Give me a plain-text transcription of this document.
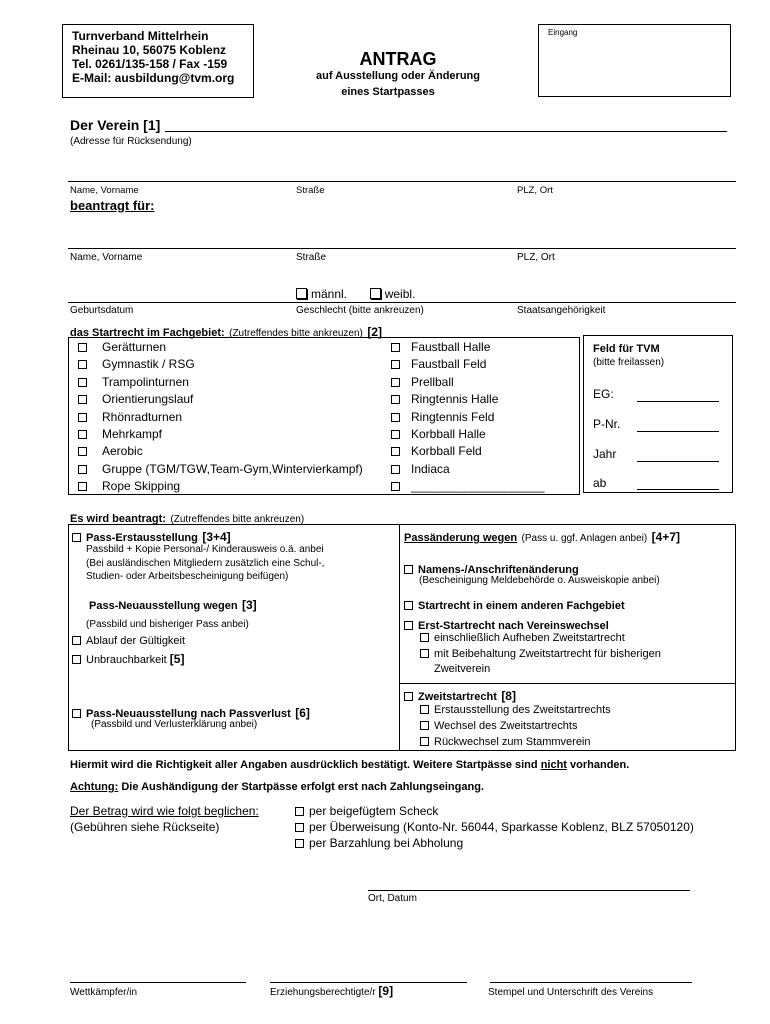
Turnverband Mittelrhein
Rheinau 10, 56075 Koblenz
Tel. 0261/135-158 / Fax -159
E-Mail: ausbildung@tvm.org
ANTRAG
auf Ausstellung oder Änderung
eines Startpasses
Eingang
Der Verein [1]
(Adresse für Rücksendung)
Name, Vorname	Straße	PLZ, Ort
beantragt für:
Name, Vorname	Straße	PLZ, Ort
männl.	weibl.
Geburtsdatum	Geschlecht (bitte ankreuzen)	Staatsangehörigkeit
das Startrecht im Fachgebiet: (Zutreffendes bitte ankreuzen) [2]
Gerätturnen
Gymnastik / RSG
Trampolinturnen
Orientierungslauf
Rhönradturnen
Mehrkampf
Aerobic
Gruppe (TGM/TGW,Team-Gym,Wintervierkampf)
Rope Skipping
Faustball Halle
Faustball Feld
Prellball
Ringtennis Halle
Ringtennis Feld
Korbball Halle
Korbball Feld
Indiaca
____________________
Feld für TVM
(bitte freilassen)
EG:
P-Nr.
Jahr
ab
Es wird beantragt: (Zutreffendes bitte ankreuzen)
Pass-Erstausstellung [3+4]
Passbild + Kopie Personal-/ Kinderausweis o.ä. anbei
(Bei ausländischen Mitgliedern zusätzlich eine Schul-,
Studien- oder Arbeitsbescheinigung beifügen)
Pass-Neuausstellung wegen [3]
(Passbild und bisheriger Pass anbei)
Ablauf der Gültigkeit
Unbrauchbarkeit [5]
Pass-Neuausstellung nach Passverlust [6]
(Passbild und Verlusterklärung anbei)
Passänderung wegen (Pass u. ggf. Anlagen anbei) [4+7]
Namens-/Anschriftenänderung
(Bescheinigung Meldebehörde o. Ausweiskopie anbei)
Startrecht in einem anderen Fachgebiet
Erst-Startrecht nach Vereinswechsel
einschließlich Aufheben Zweitstartrecht
mit Beibehaltung Zweitstartrecht für bisherigen
Zweitverein
Zweitstartrecht [8]
Erstausstellung des Zweitstartrechts
Wechsel des Zweitstartrechts
Rückwechsel zum Stammverein
Hiermit wird die Richtigkeit aller Angaben ausdrücklich bestätigt. Weitere Startpässe sind nicht vorhanden.
Achtung: Die Aushändigung der Startpässe erfolgt erst nach Zahlungseingang.
Der Betrag wird wie folgt beglichen:
(Gebühren siehe Rückseite)
per beigefügtem Scheck
per Überweisung (Konto-Nr. 56044, Sparkasse Koblenz, BLZ 57050120)
per Barzahlung bei Abholung
Ort, Datum
Wettkämpfer/in	Erziehungsberechtigte/r [9]	Stempel und Unterschrift des Vereins
